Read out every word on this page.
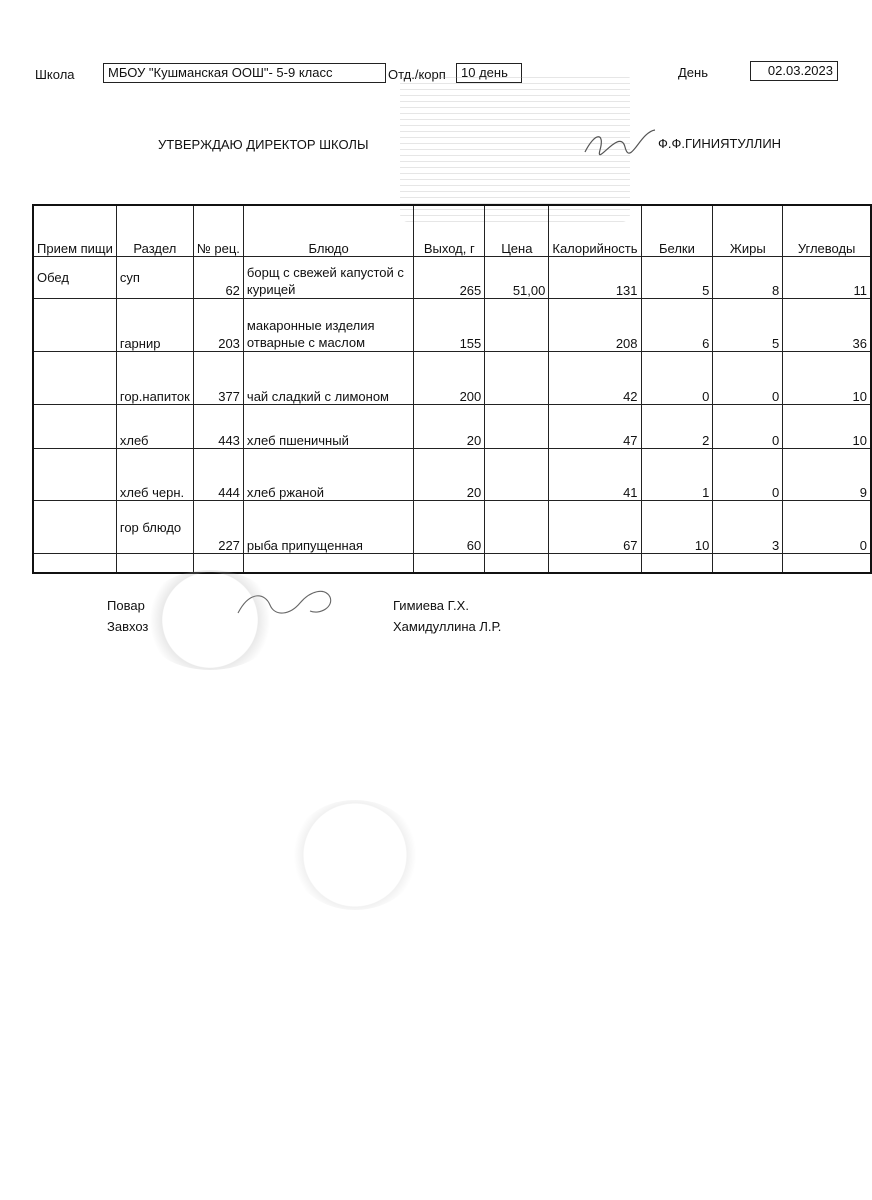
Школа	МБОУ "Кушманская ООШ"- 5-9 класс	Отд./корп	10 день	День	02.03.2023
УТВЕРЖДАЮ ДИРЕКТОР ШКОЛЫ	Ф.Ф.ГИНИЯТУЛЛИН
Прием пищи	Раздел	№ рец.	Блюдо	Выход, г	Цена	Калорийность	Белки	Жиры	Углеводы
Обед	суп	62	борщ с свежей капустой с курицей	265	51,00	131	5	8	11
	гарнир	203	макаронные изделия отварные с маслом	155		208	6	5	36
	гор.напиток	377	чай сладкий с лимоном	200		42	0	0	10
	хлеб	443	хлеб пшеничный	20		47	2	0	10
	хлеб черн.	444	хлеб ржаной	20		41	1	0	9
	гор блюдо	227	рыба припущенная	60		67	10	3	0

Повар
Завхоз
Гимиева Г.Х.
Хамидуллина Л.Р.
